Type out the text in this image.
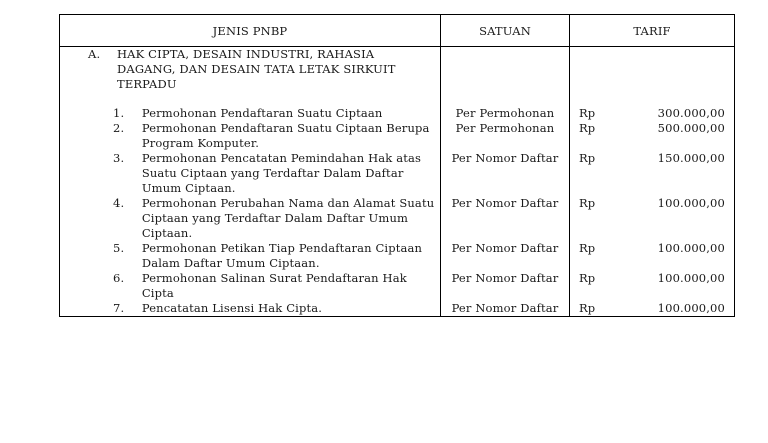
JENIS PNBP	SATUAN	TARIF

A. HAK CIPTA, DESAIN INDUSTRI, RAHASIA DAGANG, DAN DESAIN TATA LETAK SIRKUIT TERPADU		

1. Permohonan Pendaftaran Suatu Ciptaan	Per Permohonan	Rp 300.000,00

2. Permohonan Pendaftaran Suatu Ciptaan Berupa Program Komputer.	Per Permohonan	Rp 500.000,00

3. Permohonan Pencatatan Pemindahan Hak atas Suatu Ciptaan yang Terdaftar Dalam Daftar Umum Ciptaan.	Per Nomor Daftar	Rp 150.000,00

4. Permohonan Perubahan Nama dan Alamat Suatu Ciptaan yang Terdaftar Dalam Daftar Umum Ciptaan.	Per Nomor Daftar	Rp 100.000,00

5. Permohonan Petikan Tiap Pendaftaran Ciptaan Dalam Daftar Umum Ciptaan.	Per Nomor Daftar	Rp 100.000,00

6. Permohonan Salinan Surat Pendaftaran Hak Cipta	Per Nomor Daftar	Rp 100.000,00

7. Pencatatan Lisensi Hak Cipta.	Per Nomor Daftar	Rp 100.000,00
